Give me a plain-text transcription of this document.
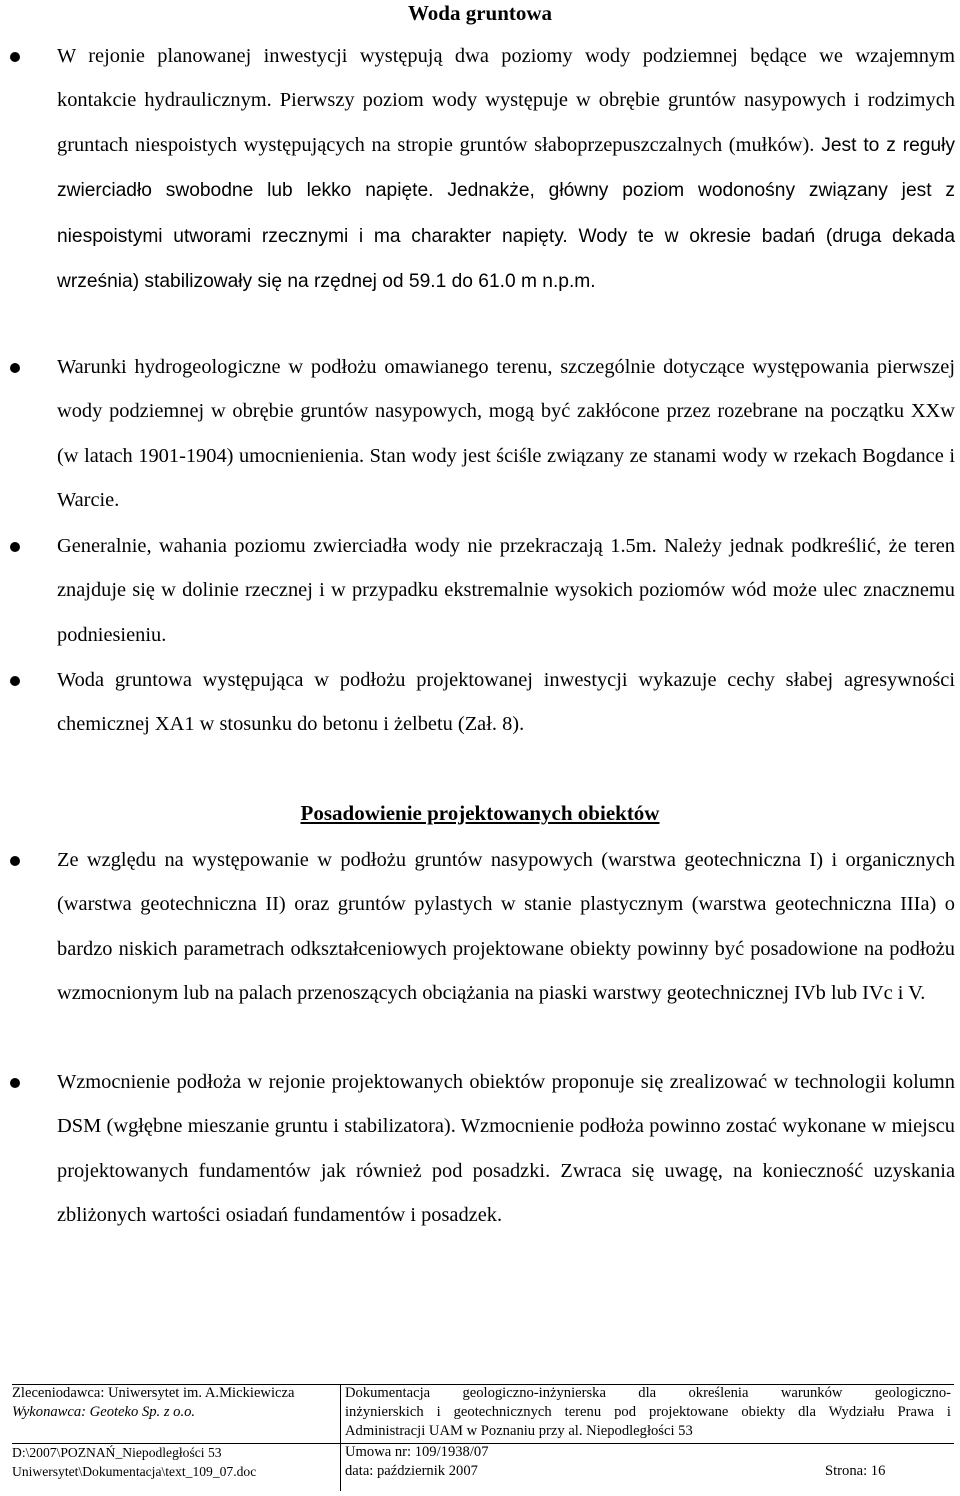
Woda gruntowa

W rejonie planowanej inwestycji występują dwa poziomy wody podziemnej będące we wzajemnym kontakcie hydraulicznym. Pierwszy poziom wody występuje w obrębie gruntów nasypowych i rodzimych gruntach niespoistych występujących na stropie gruntów słaboprzepuszczalnych (mułków). Jest to z reguły zwierciadło swobodne lub lekko napięte. Jednakże, główny poziom wodonośny związany jest z niespoistymi utworami rzecznymi i ma charakter napięty. Wody te w okresie badań (druga dekada września) stabilizowały się na rzędnej od 59.1 do 61.0 m n.p.m.

Warunki hydrogeologiczne w podłożu omawianego terenu, szczególnie dotyczące występowania pierwszej wody podziemnej w obrębie gruntów nasypowych, mogą być zakłócone przez rozebrane na początku XXw (w latach 1901-1904) umocnienienia. Stan wody jest ściśle związany ze stanami wody w rzekach Bogdance i Warcie.

Generalnie, wahania poziomu zwierciadła wody nie przekraczają 1.5m. Należy jednak podkreślić, że teren znajduje się w dolinie rzecznej i w przypadku ekstremalnie wysokich poziomów wód może ulec znacznemu podniesieniu.

Woda gruntowa występująca w podłożu projektowanej inwestycji wykazuje cechy słabej agresywności chemicznej XA1 w stosunku do betonu i żelbetu (Zał. 8).

Posadowienie projektowanych obiektów

Ze względu na występowanie w podłożu gruntów nasypowych (warstwa geotechniczna I) i organicznych (warstwa geotechniczna II) oraz gruntów pylastych w stanie plastycznym (warstwa geotechniczna IIIa) o bardzo niskich parametrach odkształceniowych projektowane obiekty powinny być posadowione na podłożu wzmocnionym lub na palach przenoszących obciążania na piaski warstwy geotechnicznej IVb lub IVc i V.

Wzmocnienie podłoża w rejonie projektowanych obiektów proponuje się zrealizować w technologii kolumn DSM (wgłębne mieszanie gruntu i stabilizatora). Wzmocnienie podłoża powinno zostać wykonane w miejscu projektowanych fundamentów jak również pod posadzki. Zwraca się uwagę, na konieczność uzyskania zbliżonych wartości osiadań fundamentów i posadzek.

Zleceniodawca: Uniwersytet im. A.Mickiewicza
Wykonawca: Geoteko Sp. z o.o.
D:\2007\POZNAŃ_Niepodległości 53
Uniwersytet\Dokumentacja\text_109_07.doc
Dokumentacja geologiczno-inżynierska dla określenia warunków geologiczno-
inżynierskich i geotechnicznych terenu pod projektowane obiekty dla Wydziału Prawa i
Administracji UAM w Poznaniu przy al. Niepodległości 53
Umowa nr: 109/1938/07
data: październik 2007	Strona: 16
